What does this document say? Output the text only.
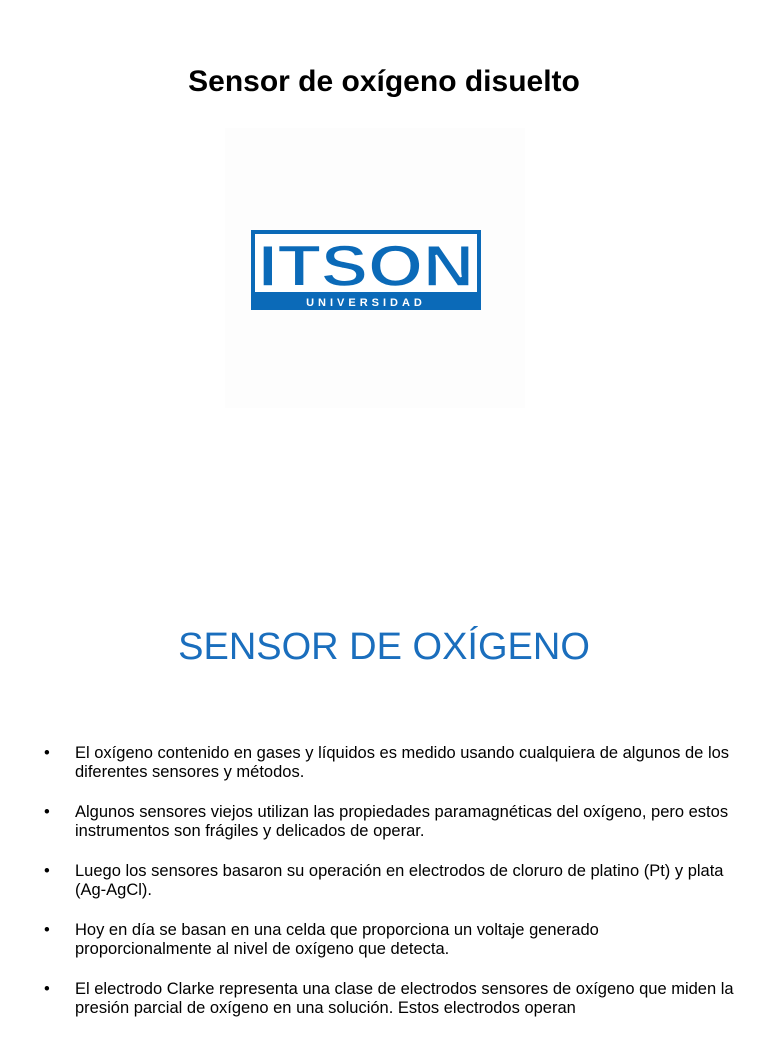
Sensor de oxígeno disuelto
ITSON
UNIVERSIDAD
SENSOR DE OXÍGENO
•	El oxígeno contenido en gases y líquidos es medido usando cualquiera de algunos de los diferentes sensores y métodos.
•	Algunos sensores viejos utilizan las propiedades paramagnéticas del oxígeno, pero estos instrumentos son frágiles y delicados de operar.
•	Luego los sensores basaron su operación en electrodos de cloruro de platino (Pt) y plata (Ag-AgCl).
•	Hoy en día se basan en una celda que proporciona un voltaje generado proporcionalmente al nivel de oxígeno que detecta.
•	El electrodo Clarke representa una clase de electrodos sensores de oxígeno que miden la presión parcial de oxígeno en una solución. Estos electrodos operan
